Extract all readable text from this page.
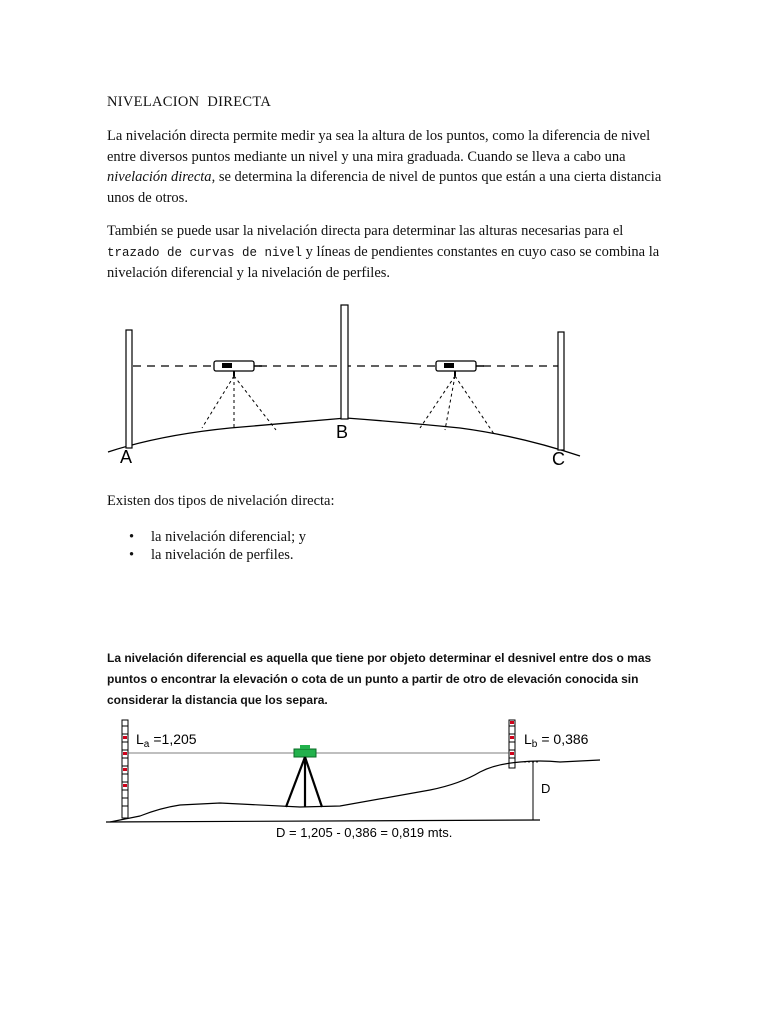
NIVELACION DIRECTA
La nivelación directa permite medir ya sea la altura de los puntos, como la diferencia de nivel entre diversos puntos mediante un nivel y una mira graduada. Cuando se lleva a cabo una nivelación directa, se determina la diferencia de nivel de puntos que están a una cierta distancia unos de otros.
También se puede usar la nivelación directa para determinar las alturas necesarias para el trazado de curvas de nivel y líneas de pendientes constantes en cuyo caso se combina la nivelación diferencial y la nivelación de perfiles.
A
B
C
Existen dos tipos de nivelación directa:
• la nivelación diferencial; y
• la nivelación de perfiles.
La nivelación diferencial es aquella que tiene por objeto determinar el desnivel entre dos o mas puntos o encontrar la elevación o cota de un punto a partir de otro de elevación conocida sin considerar la distancia que los separa.
$L_a =1,205$	$L_b = 0,386$
D
D = 1,205 - 0,386 = 0,819 mts.
